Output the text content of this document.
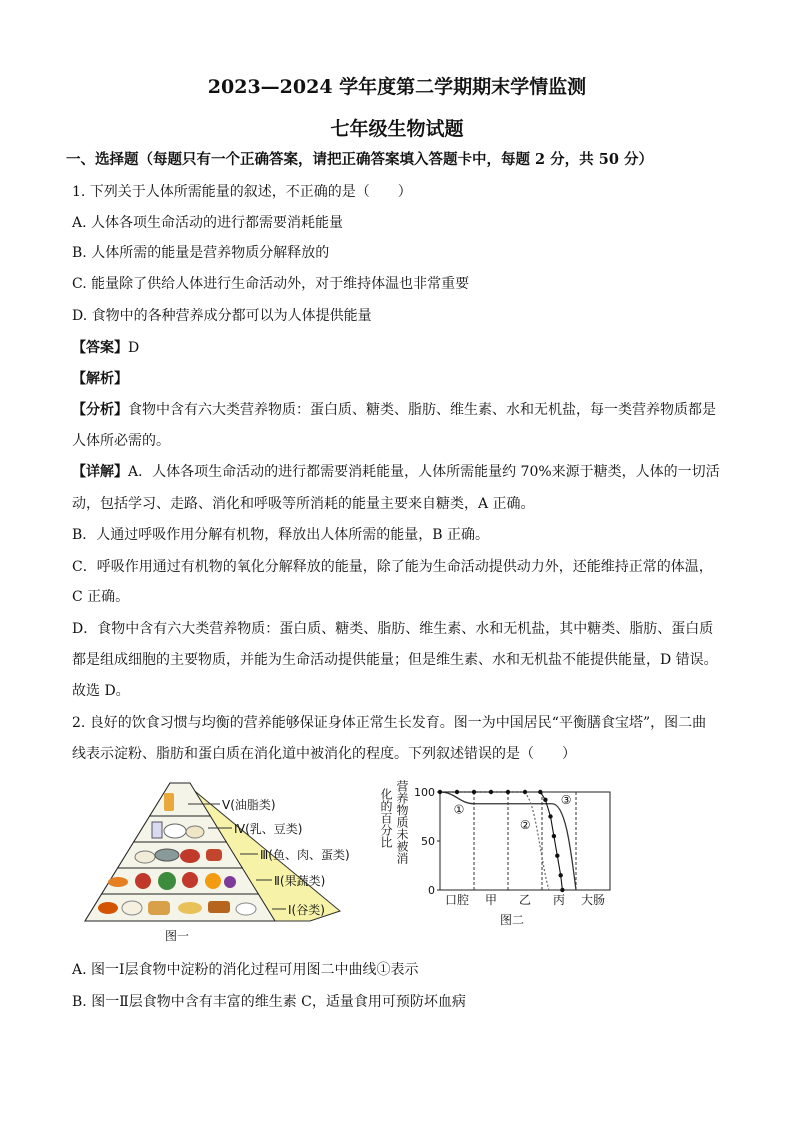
2023—2024 学年度第二学期期末学情监测
七年级生物试题
一、选择题（每题只有一个正确答案，请把正确答案填入答题卡中，每题 2 分，共 50 分）
1. 下列关于人体所需能量的叙述，不正确的是（　　）
A. 人体各项生命活动的进行都需要消耗能量
B. 人体所需的能量是营养物质分解释放的
C. 能量除了供给人体进行生命活动外，对于维持体温也非常重要
D. 食物中的各种营养成分都可以为人体提供能量
【答案】D
【解析】
【分析】食物中含有六大类营养物质：蛋白质、糖类、脂肪、维生素、水和无机盐，每一类营养物质都是
人体所必需的。
【详解】A．人体各项生命活动的进行都需要消耗能量，人体所需能量约 70%来源于糖类，人体的一切活
动，包括学习、走路、消化和呼吸等所消耗的能量主要来自糖类，A 正确。
B．人通过呼吸作用分解有机物，释放出人体所需的能量，B 正确。
C．呼吸作用通过有机物的氧化分解释放的能量，除了能为生命活动提供动力外，还能维持正常的体温，
C 正确。
D．食物中含有六大类营养物质：蛋白质、糖类、脂肪、维生素、水和无机盐，其中糖类、脂肪、蛋白质
都是组成细胞的主要物质，并能为生命活动提供能量；但是维生素、水和无机盐不能提供能量，D 错误。
故选 D。
2. 良好的饮食习惯与均衡的营养能够保证身体正常生长发育。图一为中国居民“平衡膳食宝塔”，图二曲
线表示淀粉、脂肪和蛋白质在消化道中被消化的程度。下列叙述错误的是（　　）
Ⅴ(油脂类)
Ⅳ(乳、豆类)
Ⅲ(鱼、肉、蛋类)
Ⅱ(果蔬类)
Ⅰ(谷类)
图一
化的百分比 营养物质未被消 100
50
0
口腔 甲 乙 丙 大肠
①
②
③
图二
A. 图一Ⅰ层食物中淀粉的消化过程可用图二中曲线①表示
B. 图一Ⅱ层食物中含有丰富的维生素 C，适量食用可预防坏血病
